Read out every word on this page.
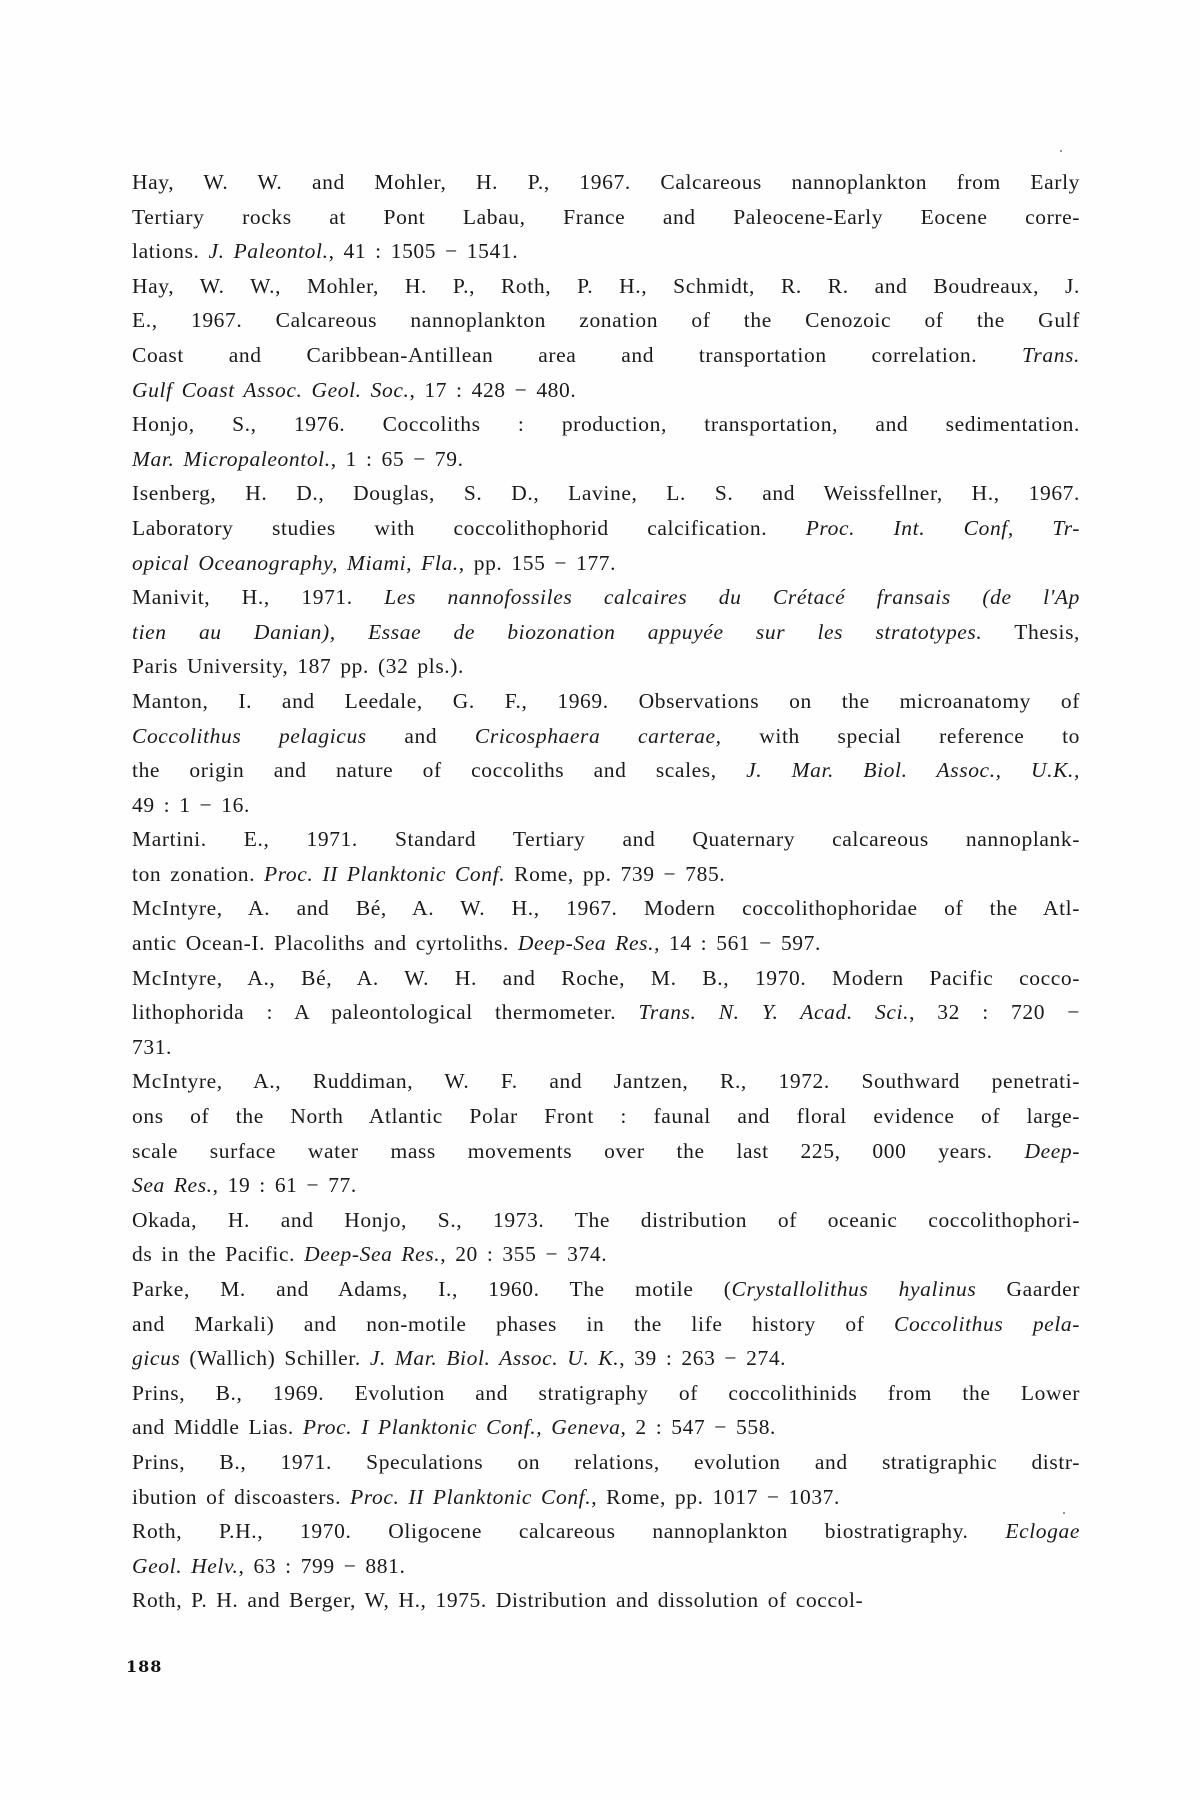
Hay, W. W. and Mohler, H. P., 1967. Calcareous nannoplankton from Early
Tertiary rocks at Pont Labau, France and Paleocene-Early Eocene corre-
lations. J. Paleontol., 41 : 1505 − 1541.
Hay, W. W., Mohler, H. P., Roth, P. H., Schmidt, R. R. and Boudreaux, J.
E., 1967. Calcareous nannoplankton zonation of the Cenozoic of the Gulf
Coast and Caribbean-Antillean area and transportation correlation. Trans.
Gulf Coast Assoc. Geol. Soc., 17 : 428 − 480.
Honjo, S., 1976. Coccoliths : production, transportation, and sedimentation.
Mar. Micropaleontol., 1 : 65 − 79.
Isenberg, H. D., Douglas, S. D., Lavine, L. S. and Weissfellner, H., 1967.
Laboratory studies with coccolithophorid calcification. Proc. Int. Conf, Tr-
opical Oceanography, Miami, Fla., pp. 155 − 177.
Manivit, H., 1971. Les nannofossiles calcaires du Crétacé fransais (de l'Ap
tien au Danian), Essae de biozonation appuyée sur les stratotypes. Thesis,
Paris University, 187 pp. (32 pls.).
Manton, I. and Leedale, G. F., 1969. Observations on the microanatomy of
Coccolithus pelagicus and Cricosphaera carterae, with special reference to
the origin and nature of coccoliths and scales, J. Mar. Biol. Assoc., U.K.,
49 : 1 − 16.
Martini. E., 1971. Standard Tertiary and Quaternary calcareous nannoplank-
ton zonation. Proc. II Planktonic Conf. Rome, pp. 739 − 785.
McIntyre, A. and Bé, A. W. H., 1967. Modern coccolithophoridae of the Atl-
antic Ocean-I. Placoliths and cyrtoliths. Deep-Sea Res., 14 : 561 − 597.
McIntyre, A., Bé, A. W. H. and Roche, M. B., 1970. Modern Pacific cocco-
lithophorida : A paleontological thermometer. Trans. N. Y. Acad. Sci., 32 : 720 −
731.
McIntyre, A., Ruddiman, W. F. and Jantzen, R., 1972. Southward penetrati-
ons of the North Atlantic Polar Front : faunal and floral evidence of large-
scale surface water mass movements over the last 225, 000 years. Deep-
Sea Res., 19 : 61 − 77.
Okada, H. and Honjo, S., 1973. The distribution of oceanic coccolithophori-
ds in the Pacific. Deep-Sea Res., 20 : 355 − 374.
Parke, M. and Adams, I., 1960. The motile (Crystallolithus hyalinus Gaarder
and Markali) and non-motile phases in the life history of Coccolithus pela-
gicus (Wallich) Schiller. J. Mar. Biol. Assoc. U. K., 39 : 263 − 274.
Prins, B., 1969. Evolution and stratigraphy of coccolithinids from the Lower
and Middle Lias. Proc. I Planktonic Conf., Geneva, 2 : 547 − 558.
Prins, B., 1971. Speculations on relations, evolution and stratigraphic distr-
ibution of discoasters. Proc. II Planktonic Conf., Rome, pp. 1017 − 1037.
Roth, P.H., 1970. Oligocene calcareous nannoplankton biostratigraphy. Eclogae
Geol. Helv., 63 : 799 − 881.
Roth, P. H. and Berger, W, H., 1975. Distribution and dissolution of coccol-
188
